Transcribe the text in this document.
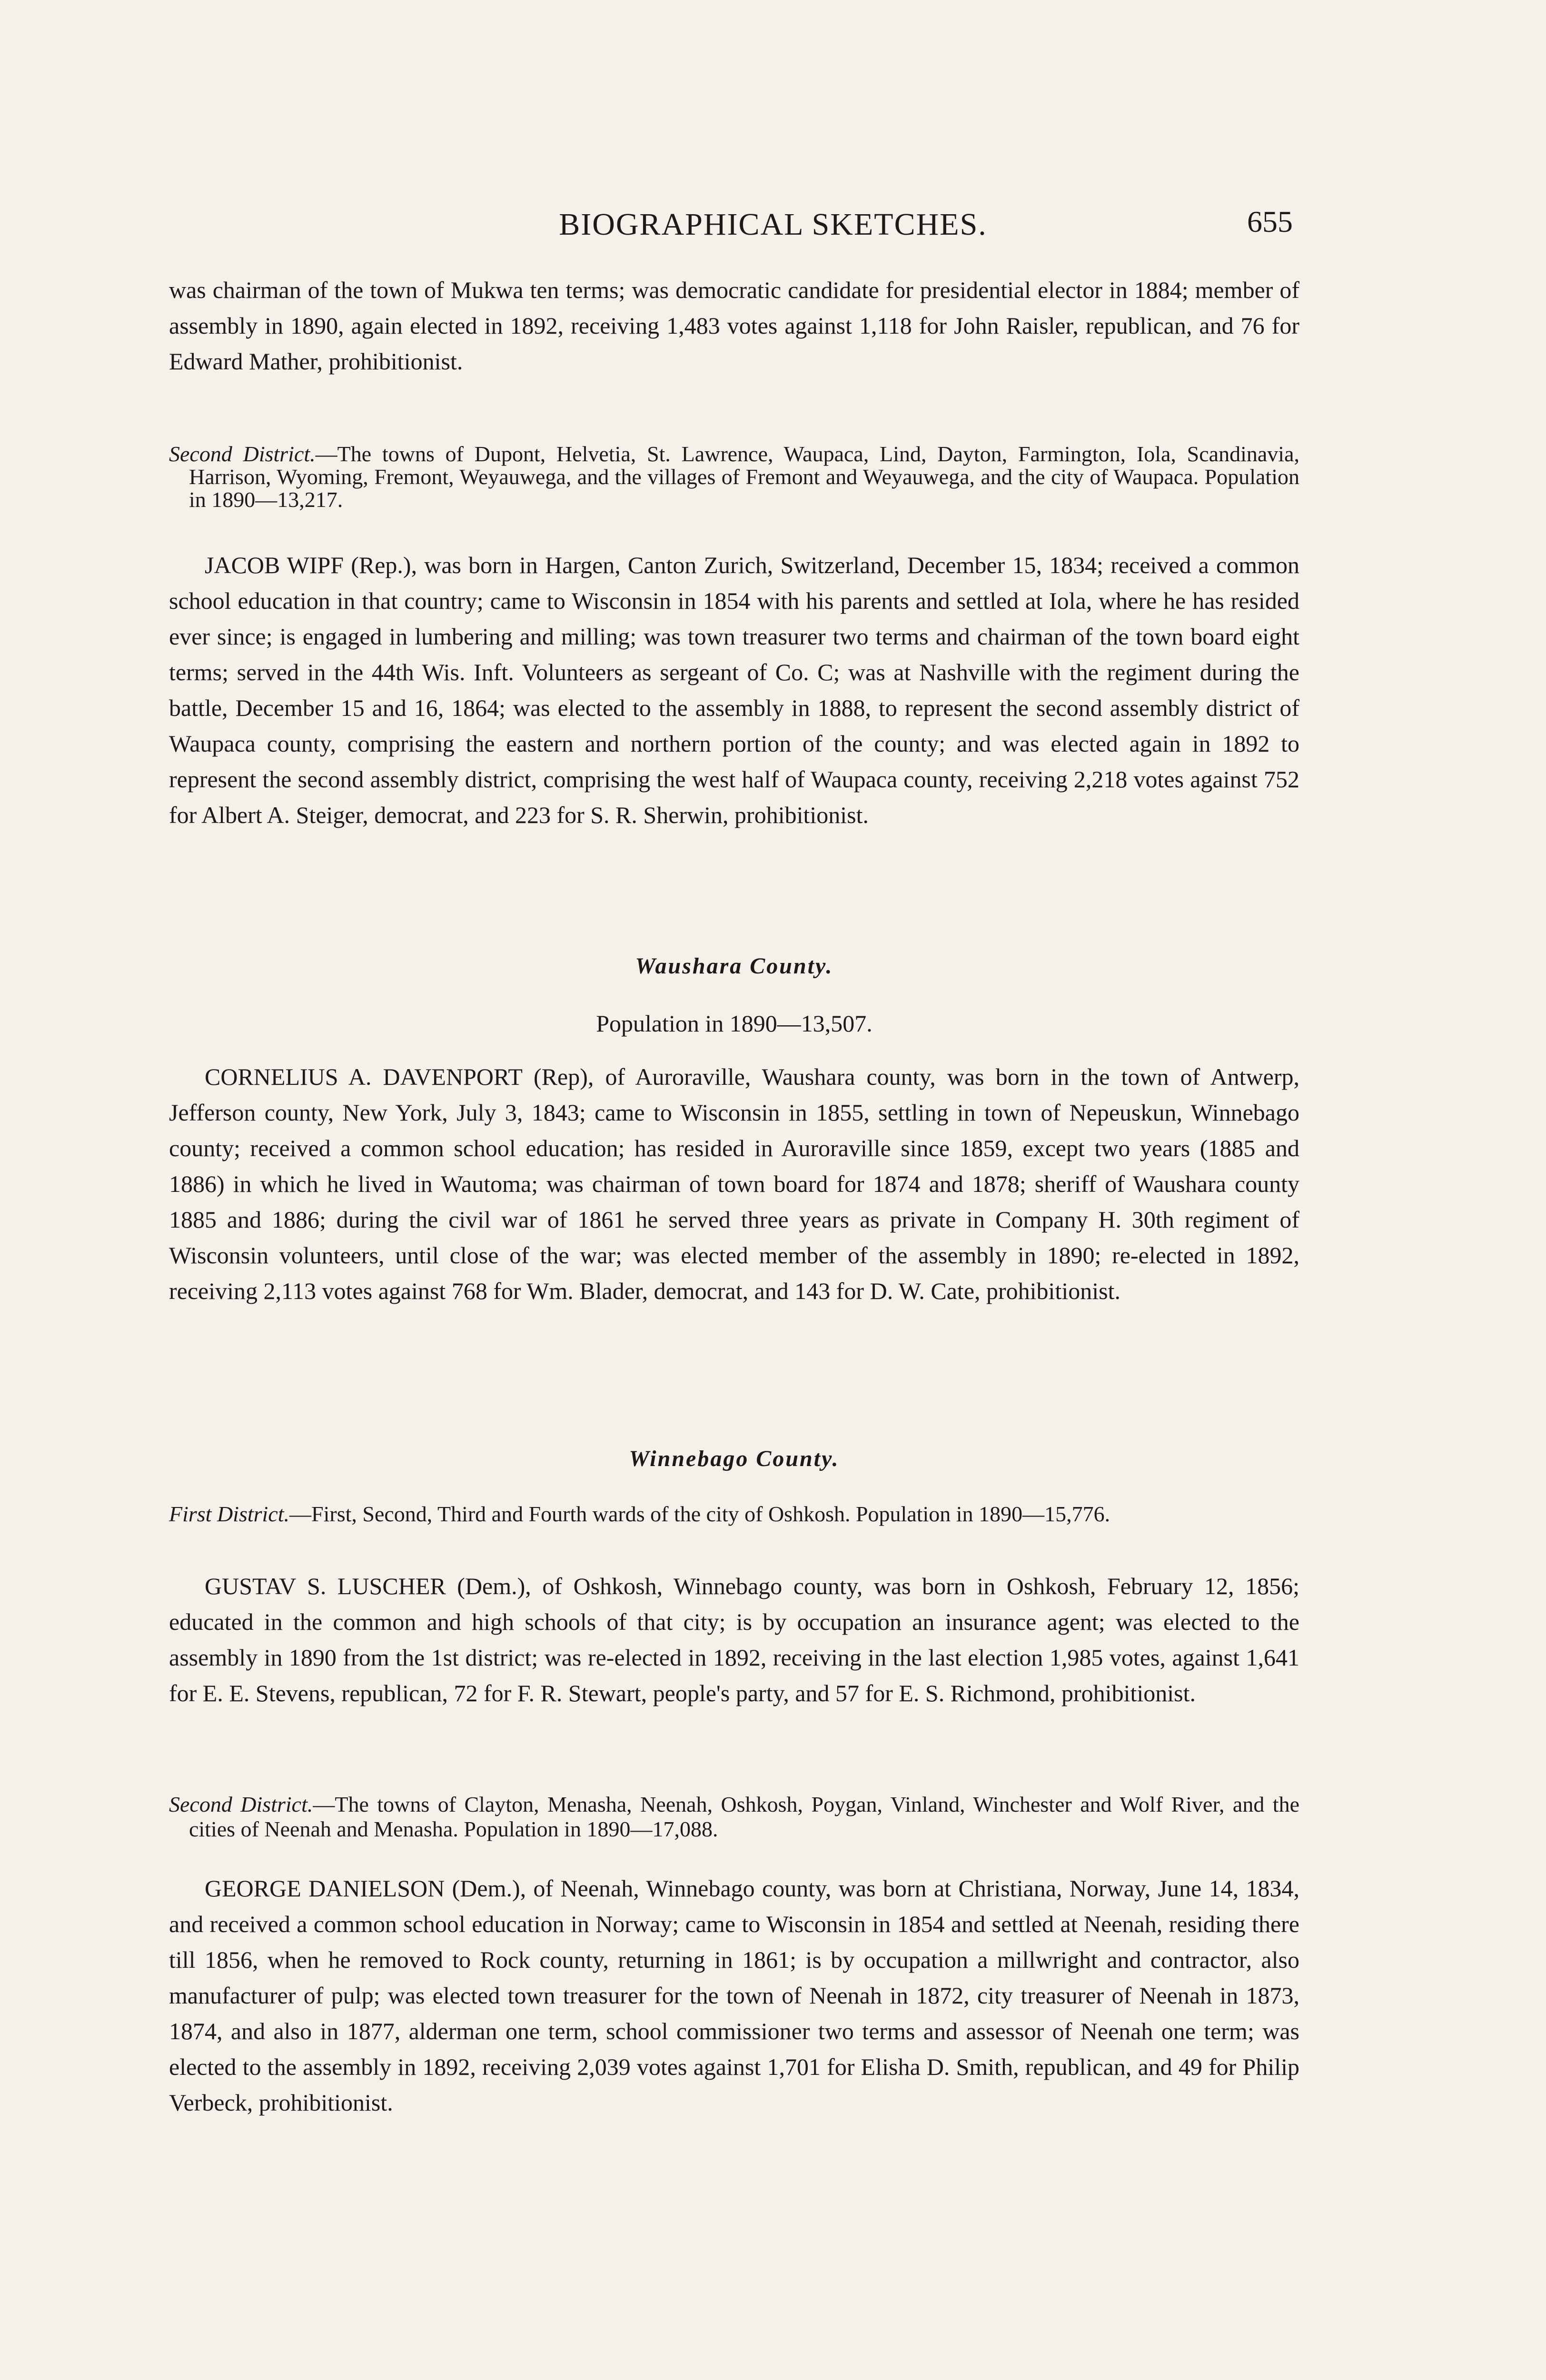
BIOGRAPHICAL SKETCHES.	655

was chairman of the town of Mukwa ten terms; was democratic candidate for presidential elector in 1884; member of assembly in 1890, again elected in 1892, receiving 1,483 votes against 1,118 for John Raisler, republican, and 76 for Edward Mather, prohibitionist.

Second District.—The towns of Dupont, Helvetia, St. Lawrence, Waupaca, Lind, Dayton, Farmington, Iola, Scandinavia, Harrison, Wyoming, Fremont, Weyauwega, and the villages of Fremont and Weyauwega, and the city of Waupaca. Population in 1890—13,217.

JACOB WIPF (Rep.), was born in Hargen, Canton Zurich, Switzerland, December 15, 1834; received a common school education in that country; came to Wisconsin in 1854 with his parents and settled at Iola, where he has resided ever since; is engaged in lumbering and milling; was town treasurer two terms and chairman of the town board eight terms; served in the 44th Wis. Inft. Volunteers as sergeant of Co. C; was at Nashville with the regiment during the battle, December 15 and 16, 1864; was elected to the assembly in 1888, to represent the second assembly district of Waupaca county, comprising the eastern and northern portion of the county; and was elected again in 1892 to represent the second assembly district, comprising the west half of Waupaca county, receiving 2,218 votes against 752 for Albert A. Steiger, democrat, and 223 for S. R. Sherwin, prohibitionist.

Waushara County.
Population in 1890—13,507.

CORNELIUS A. DAVENPORT (Rep), of Auroraville, Waushara county, was born in the town of Antwerp, Jefferson county, New York, July 3, 1843; came to Wisconsin in 1855, settling in town of Nepeuskun, Winnebago county; received a common school education; has resided in Auroraville since 1859, except two years (1885 and 1886) in which he lived in Wautoma; was chairman of town board for 1874 and 1878; sheriff of Waushara county 1885 and 1886; during the civil war of 1861 he served three years as private in Company H. 30th regiment of Wisconsin volunteers, until close of the war; was elected member of the assembly in 1890; re-elected in 1892, receiving 2,113 votes against 768 for Wm. Blader, democrat, and 143 for D. W. Cate, prohibitionist.

Winnebago County.

First District.—First, Second, Third and Fourth wards of the city of Oshkosh. Population in 1890—15,776.

GUSTAV S. LUSCHER (Dem.), of Oshkosh, Winnebago county, was born in Oshkosh, February 12, 1856; educated in the common and high schools of that city; is by occupation an insurance agent; was elected to the assembly in 1890 from the 1st district; was re-elected in 1892, receiving in the last election 1,985 votes, against 1,641 for E. E. Stevens, republican, 72 for F. R. Stewart, people's party, and 57 for E. S. Richmond, prohibitionist.

Second District.—The towns of Clayton, Menasha, Neenah, Oshkosh, Poygan, Vinland, Winchester and Wolf River, and the cities of Neenah and Menasha. Population in 1890—17,088.

GEORGE DANIELSON (Dem.), of Neenah, Winnebago county, was born at Christiana, Norway, June 14, 1834, and received a common school education in Norway; came to Wisconsin in 1854 and settled at Neenah, residing there till 1856, when he removed to Rock county, returning in 1861; is by occupation a millwright and contractor, also manufacturer of pulp; was elected town treasurer for the town of Neenah in 1872, city treasurer of Neenah in 1873, 1874, and also in 1877, alderman one term, school commissioner two terms and assessor of Neenah one term; was elected to the assembly in 1892, receiving 2,039 votes against 1,701 for Elisha D. Smith, republican, and 49 for Philip Verbeck, prohibitionist.
